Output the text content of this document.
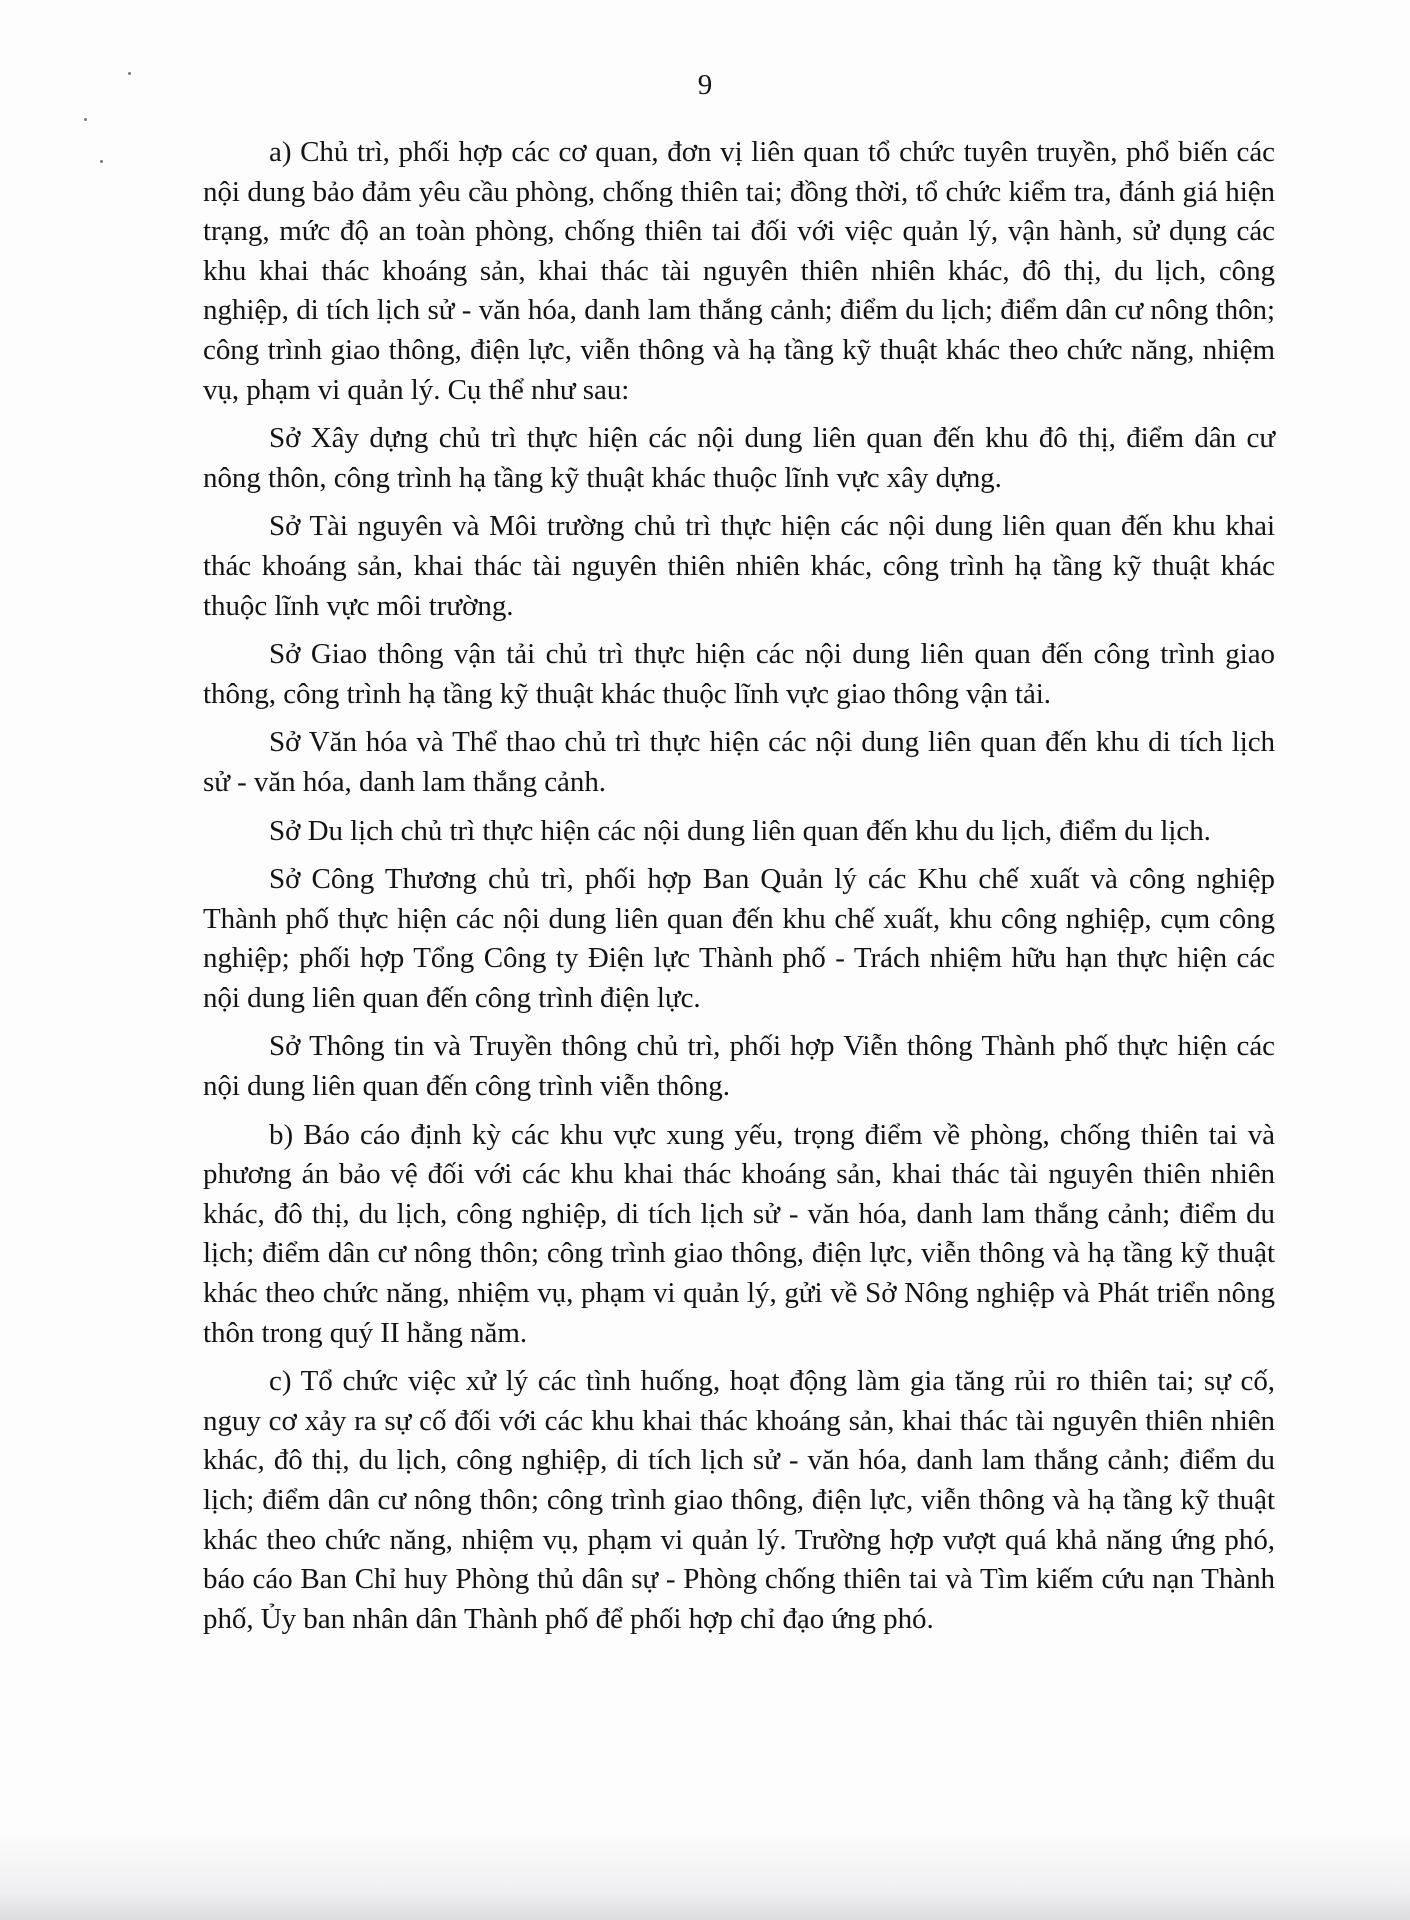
9

a) Chủ trì, phối hợp các cơ quan, đơn vị liên quan tổ chức tuyên truyền, phổ biến các nội dung bảo đảm yêu cầu phòng, chống thiên tai; đồng thời, tổ chức kiểm tra, đánh giá hiện trạng, mức độ an toàn phòng, chống thiên tai đối với việc quản lý, vận hành, sử dụng các khu khai thác khoáng sản, khai thác tài nguyên thiên nhiên khác, đô thị, du lịch, công nghiệp, di tích lịch sử - văn hóa, danh lam thắng cảnh; điểm du lịch; điểm dân cư nông thôn; công trình giao thông, điện lực, viễn thông và hạ tầng kỹ thuật khác theo chức năng, nhiệm vụ, phạm vi quản lý. Cụ thể như sau:

Sở Xây dựng chủ trì thực hiện các nội dung liên quan đến khu đô thị, điểm dân cư nông thôn, công trình hạ tầng kỹ thuật khác thuộc lĩnh vực xây dựng.

Sở Tài nguyên và Môi trường chủ trì thực hiện các nội dung liên quan đến khu khai thác khoáng sản, khai thác tài nguyên thiên nhiên khác, công trình hạ tầng kỹ thuật khác thuộc lĩnh vực môi trường.

Sở Giao thông vận tải chủ trì thực hiện các nội dung liên quan đến công trình giao thông, công trình hạ tầng kỹ thuật khác thuộc lĩnh vực giao thông vận tải.

Sở Văn hóa và Thể thao chủ trì thực hiện các nội dung liên quan đến khu di tích lịch sử - văn hóa, danh lam thắng cảnh.

Sở Du lịch chủ trì thực hiện các nội dung liên quan đến khu du lịch, điểm du lịch.

Sở Công Thương chủ trì, phối hợp Ban Quản lý các Khu chế xuất và công nghiệp Thành phố thực hiện các nội dung liên quan đến khu chế xuất, khu công nghiệp, cụm công nghiệp; phối hợp Tổng Công ty Điện lực Thành phố - Trách nhiệm hữu hạn thực hiện các nội dung liên quan đến công trình điện lực.

Sở Thông tin và Truyền thông chủ trì, phối hợp Viễn thông Thành phố thực hiện các nội dung liên quan đến công trình viễn thông.

b) Báo cáo định kỳ các khu vực xung yếu, trọng điểm về phòng, chống thiên tai và phương án bảo vệ đối với các khu khai thác khoáng sản, khai thác tài nguyên thiên nhiên khác, đô thị, du lịch, công nghiệp, di tích lịch sử - văn hóa, danh lam thắng cảnh; điểm du lịch; điểm dân cư nông thôn; công trình giao thông, điện lực, viễn thông và hạ tầng kỹ thuật khác theo chức năng, nhiệm vụ, phạm vi quản lý, gửi về Sở Nông nghiệp và Phát triển nông thôn trong quý II hằng năm.

c) Tổ chức việc xử lý các tình huống, hoạt động làm gia tăng rủi ro thiên tai; sự cố, nguy cơ xảy ra sự cố đối với các khu khai thác khoáng sản, khai thác tài nguyên thiên nhiên khác, đô thị, du lịch, công nghiệp, di tích lịch sử - văn hóa, danh lam thắng cảnh; điểm du lịch; điểm dân cư nông thôn; công trình giao thông, điện lực, viễn thông và hạ tầng kỹ thuật khác theo chức năng, nhiệm vụ, phạm vi quản lý. Trường hợp vượt quá khả năng ứng phó, báo cáo Ban Chỉ huy Phòng thủ dân sự - Phòng chống thiên tai và Tìm kiếm cứu nạn Thành phố, Ủy ban nhân dân Thành phố để phối hợp chỉ đạo ứng phó.
